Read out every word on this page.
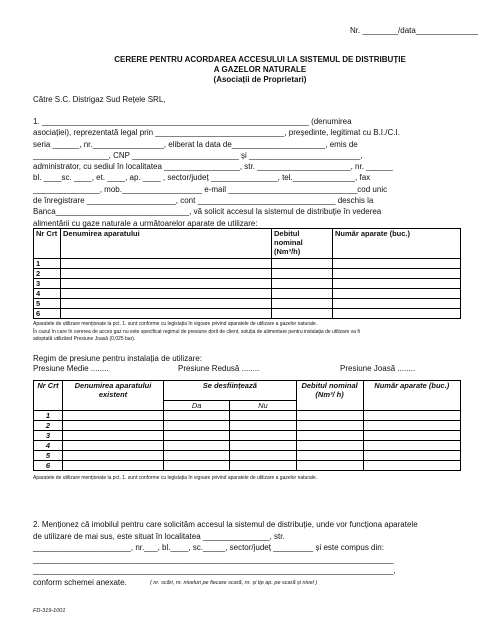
Nr. ________/data______________
CERERE PENTRU ACORDAREA ACCESULUI LA SISTEMUL DE DISTRIBUȚIE
A GAZELOR NATURALE
(Asociații de Proprietari)
Către S.C. Distrigaz Sud Rețele SRL,
1. ____________________________________________________________ (denumirea
asociației), reprezentată legal prin _____________________________, președinte, legitimat cu B.I./C.I.
seria ______, nr.________________, eliberat la data de_____________________, emis de
_________________, CNP ________________________ și _________________________,
administrator, cu sediul în localitatea _________________, str. _____________________, nr. ______
bl. ____sc. ____, et. ____, ap. ____ , sector/județ _______________, tel.______________, fax
_______________, mob.__________________ e-mail _____________________________cod unic
de înregistrare ____________________, cont _______________________________ deschis la
Banca______________________________, vă solicit accesul la sistemul de distribuție în vederea
alimentării cu gaze naturale a următoarelor aparate de utilizare:
Nr Crt	Denumirea aparatului	Debitul nominal (Nm³/h)	Număr aparate (buc.)
1			
2			
3			
4			
5			
6			
Aparatele de utilizare menționate la pct. 1. sunt conforme cu legislația în vigoare privind aparatele de utilizare a gazelor naturale.
În cazul în care în cererea de acces gaz nu este specificat regimul de presiune dorit de client, soluția de alimentare pentru instalația de utilizare va fi
adoptată utilizând Presiune Joasă (0,025 bar).
Regim de presiune pentru instalația de utilizare:
Presiune Medie ........	Presiune Redusă ........	Presiune Joasă ........
Nr Crt	Denumirea aparatului existent	Se desființează		Debitul nominal (Nm³/ h)	Număr aparate (buc.)
		Da	Nu		
1					
2					
3					
4					
5					
6					
Aparatele de utilizare menționate la pct. 1. sunt conforme cu legislația în vigoare privind aparatele de utilizare a gazelor naturale.
2. Menționez că imobilul pentru care solicităm accesul la sistemul de distribuție, unde vor funcționa aparatele
de utilizare de mai sus, este situat în localitatea _______________, str.
______________________, nr.___, bl.____, sc._____, sector/județ _________ și este compus din:
_________________________________________________________________________________
_________________________________________________________________________________,
conform schemei anexate.	( nr. scări, nr. niveluri pe fiecare scară, nr. și tip ap. pe scară și nivel )
FD-319-1001
